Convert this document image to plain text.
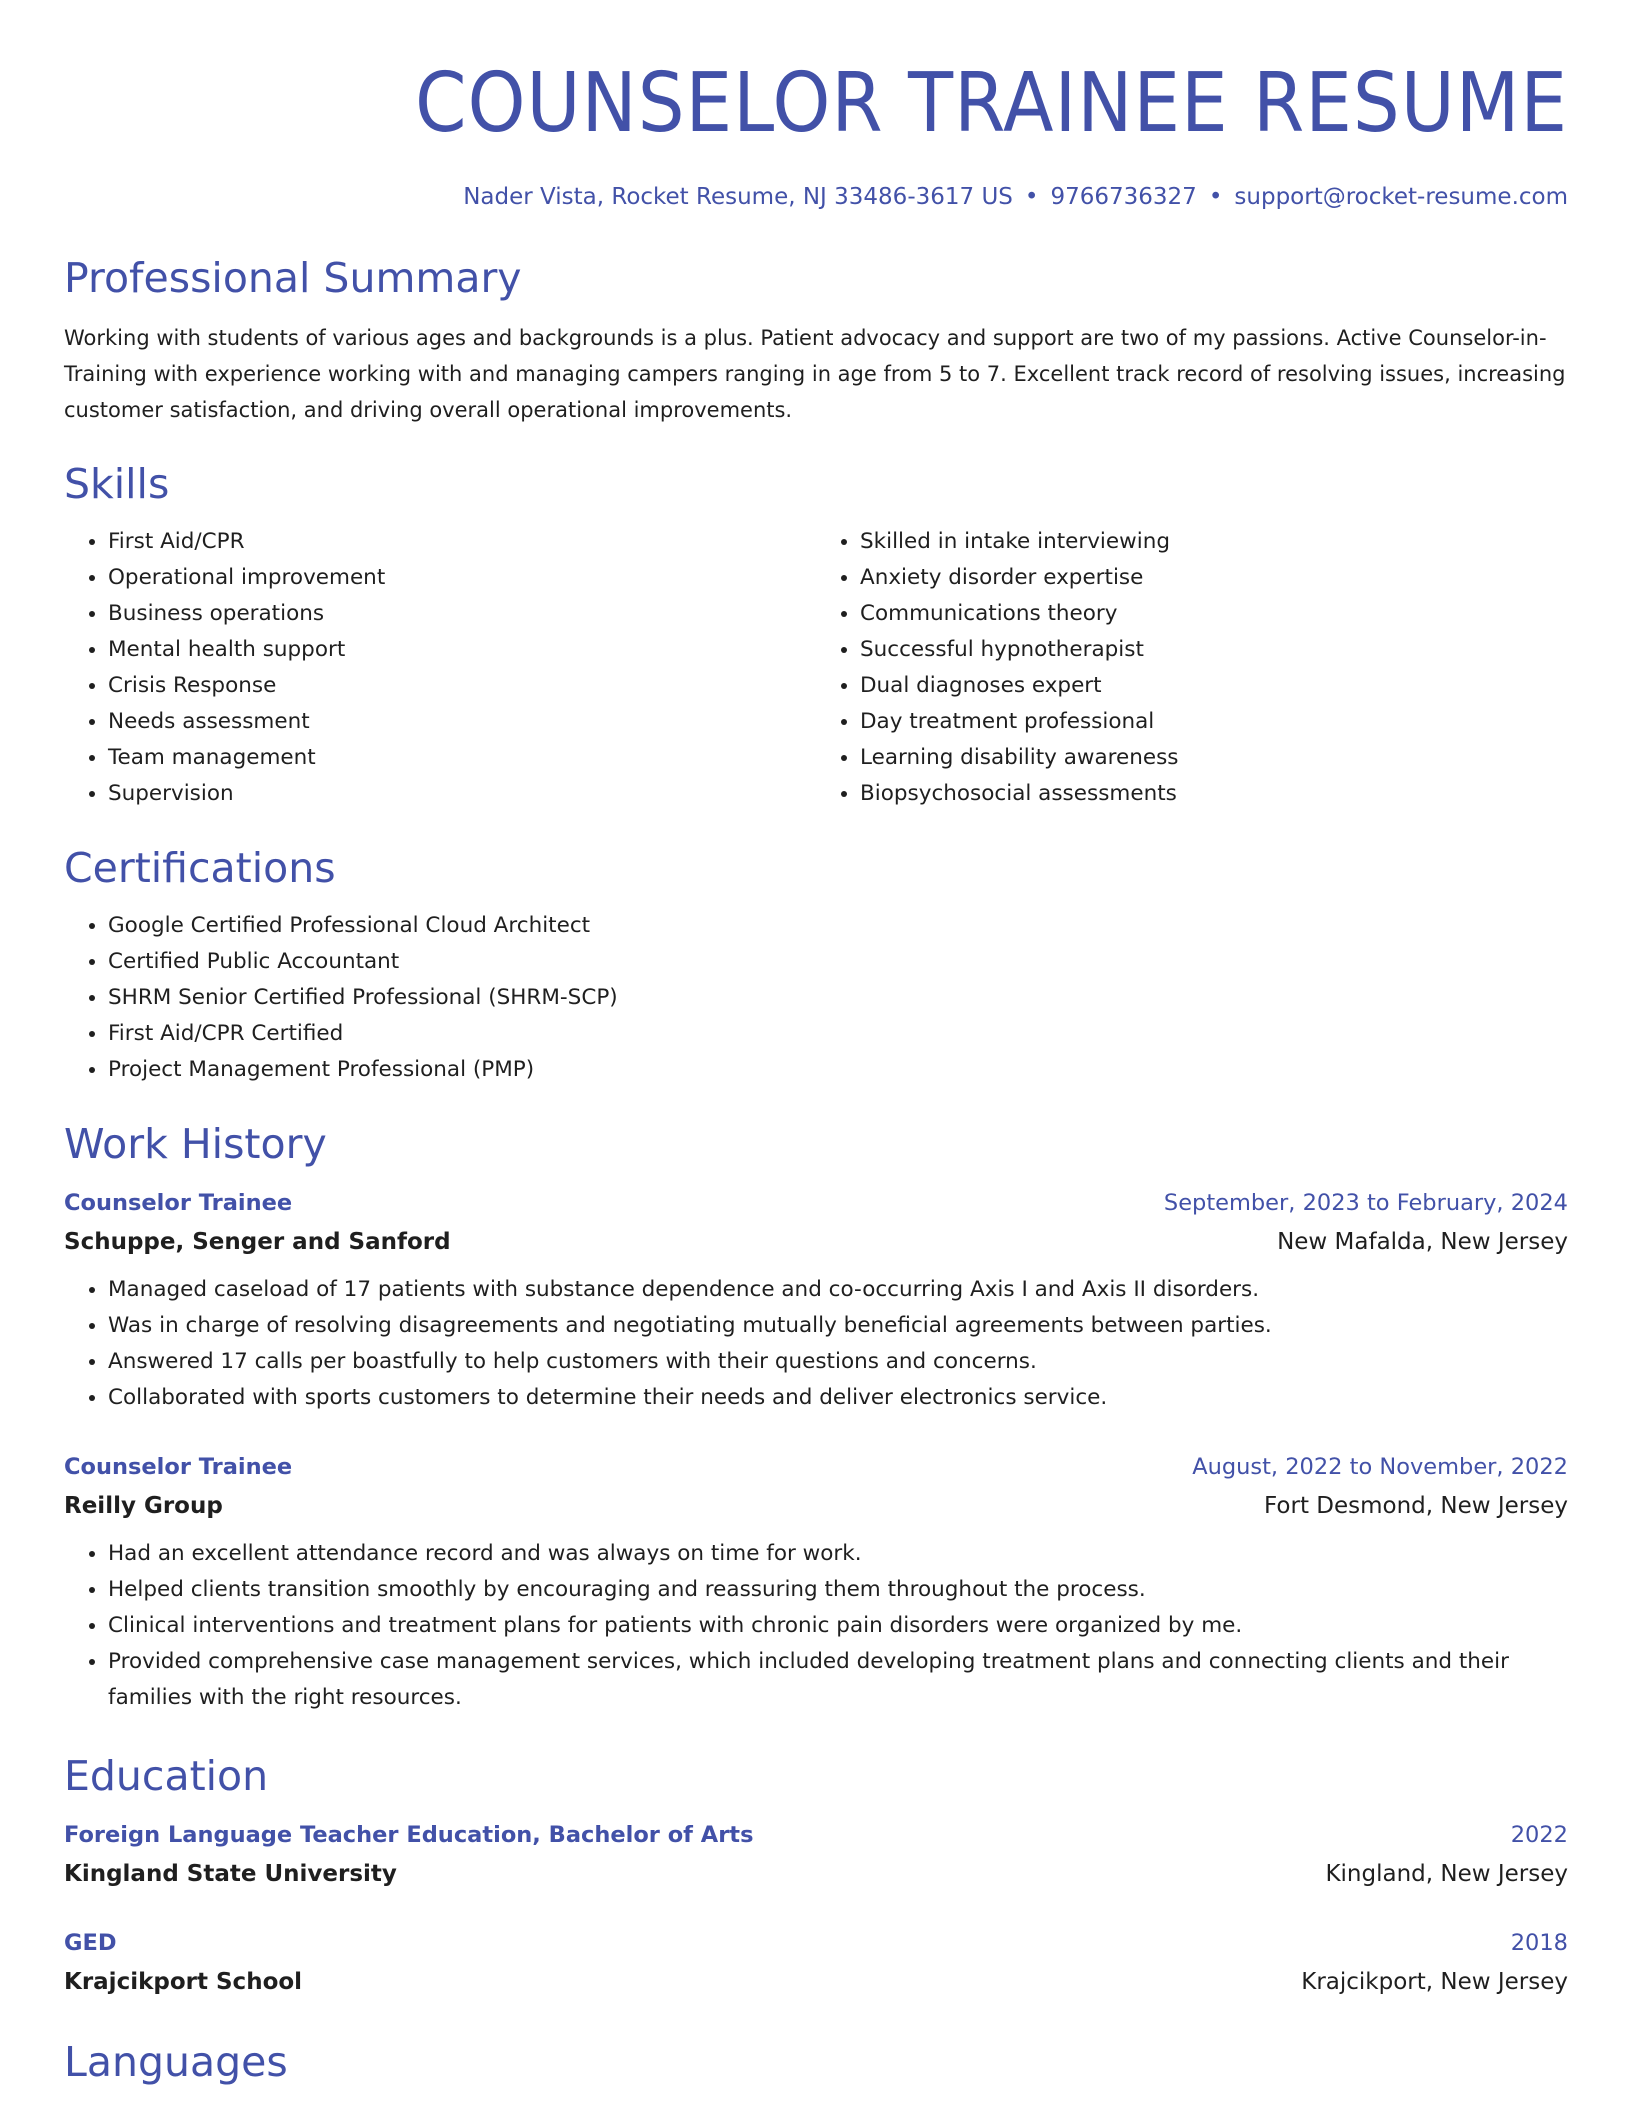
COUNSELOR TRAINEE RESUME
Nader Vista, Rocket Resume, NJ 33486-3617 US • 9766736327 • support@rocket-resume.com
Professional Summary

Working with students of various ages and backgrounds is a plus. Patient advocacy and support are two of my passions. Active Counselor-in-Training with experience working with and managing campers ranging in age from 5 to 7. Excellent track record of resolving issues, increasing customer satisfaction, and driving overall operational improvements.

Skills
• First Aid/CPR
• Operational improvement
• Business operations
• Mental health support
• Crisis Response
• Needs assessment
• Team management
• Supervision
• Skilled in intake interviewing
• Anxiety disorder expertise
• Communications theory
• Successful hypnotherapist
• Dual diagnoses expert
• Day treatment professional
• Learning disability awareness
• Biopsychosocial assessments
Certifications
• Google Certified Professional Cloud Architect
• Certified Public Accountant
• SHRM Senior Certified Professional (SHRM-SCP)
• First Aid/CPR Certified
• Project Management Professional (PMP)
Work History
Counselor Trainee	September, 2023 to February, 2024
Schuppe, Senger and Sanford	New Mafalda, New Jersey
• Managed caseload of 17 patients with substance dependence and co-occurring Axis I and Axis II disorders.
• Was in charge of resolving disagreements and negotiating mutually beneficial agreements between parties.
• Answered 17 calls per boastfully to help customers with their questions and concerns.
• Collaborated with sports customers to determine their needs and deliver electronics service.
Counselor Trainee	August, 2022 to November, 2022
Reilly Group	Fort Desmond, New Jersey
• Had an excellent attendance record and was always on time for work.
• Helped clients transition smoothly by encouraging and reassuring them throughout the process.
• Clinical interventions and treatment plans for patients with chronic pain disorders were organized by me.
• Provided comprehensive case management services, which included developing treatment plans and connecting clients and their families with the right resources.
Education
Foreign Language Teacher Education, Bachelor of Arts	2022
Kingland State University	Kingland, New Jersey
GED	2018
Krajcikport School	Krajcikport, New Jersey
Languages
